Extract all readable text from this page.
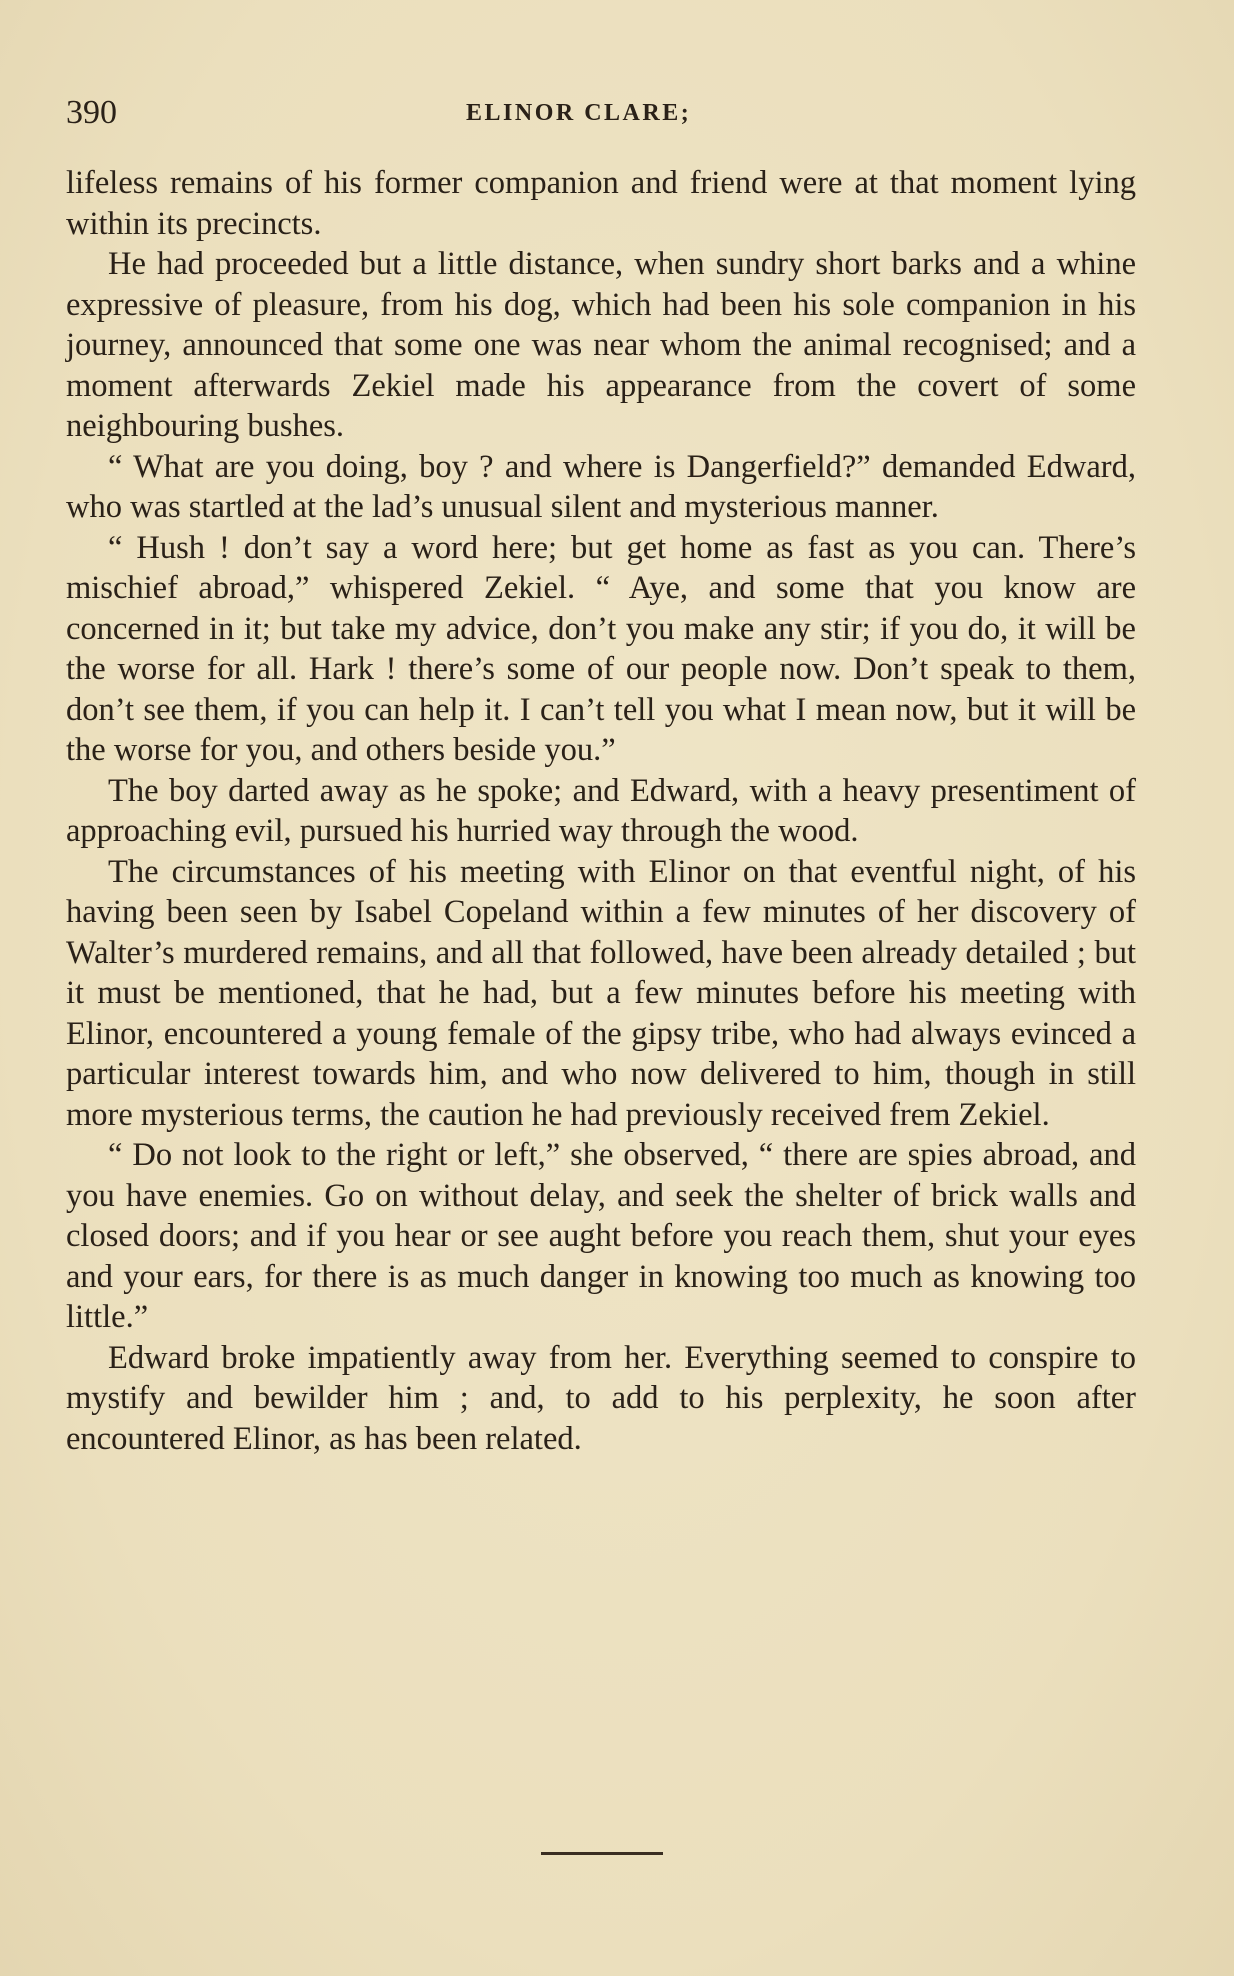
390	ELINOR CLARE;

lifeless remains of his former companion and friend were at that moment lying within its precincts.

He had proceeded but a little distance, when sundry short barks and a whine expressive of pleasure, from his dog, which had been his sole companion in his journey, announced that some one was near whom the animal recognised; and a moment afterwards Zekiel made his appearance from the covert of some neighbouring bushes.

“ What are you doing, boy ? and where is Dangerfield?” demanded Edward, who was startled at the lad’s unusual silent and mysterious manner.

“ Hush ! don’t say a word here; but get home as fast as you can. There’s mischief abroad,” whispered Zekiel. “ Aye, and some that you know are concerned in it; but take my advice, don’t you make any stir; if you do, it will be the worse for all. Hark ! there’s some of our people now. Don’t speak to them, don’t see them, if you can help it. I can’t tell you what I mean now, but it will be the worse for you, and others beside you.”

The boy darted away as he spoke; and Edward, with a heavy presentiment of approaching evil, pursued his hurried way through the wood.

The circumstances of his meeting with Elinor on that eventful night, of his having been seen by Isabel Copeland within a few minutes of her discovery of Walter’s murdered remains, and all that followed, have been already detailed ; but it must be mentioned, that he had, but a few minutes before his meeting with Elinor, encountered a young female of the gipsy tribe, who had always evinced a particular interest towards him, and who now delivered to him, though in still more mysterious terms, the caution he had previously received frem Zekiel.

“ Do not look to the right or left,” she observed, “ there are spies abroad, and you have enemies. Go on without delay, and seek the shelter of brick walls and closed doors; and if you hear or see aught before you reach them, shut your eyes and your ears, for there is as much danger in knowing too much as knowing too little.”

Edward broke impatiently away from her. Everything seemed to conspire to mystify and bewilder him ; and, to add to his perplexity, he soon after encountered Elinor, as has been related.
